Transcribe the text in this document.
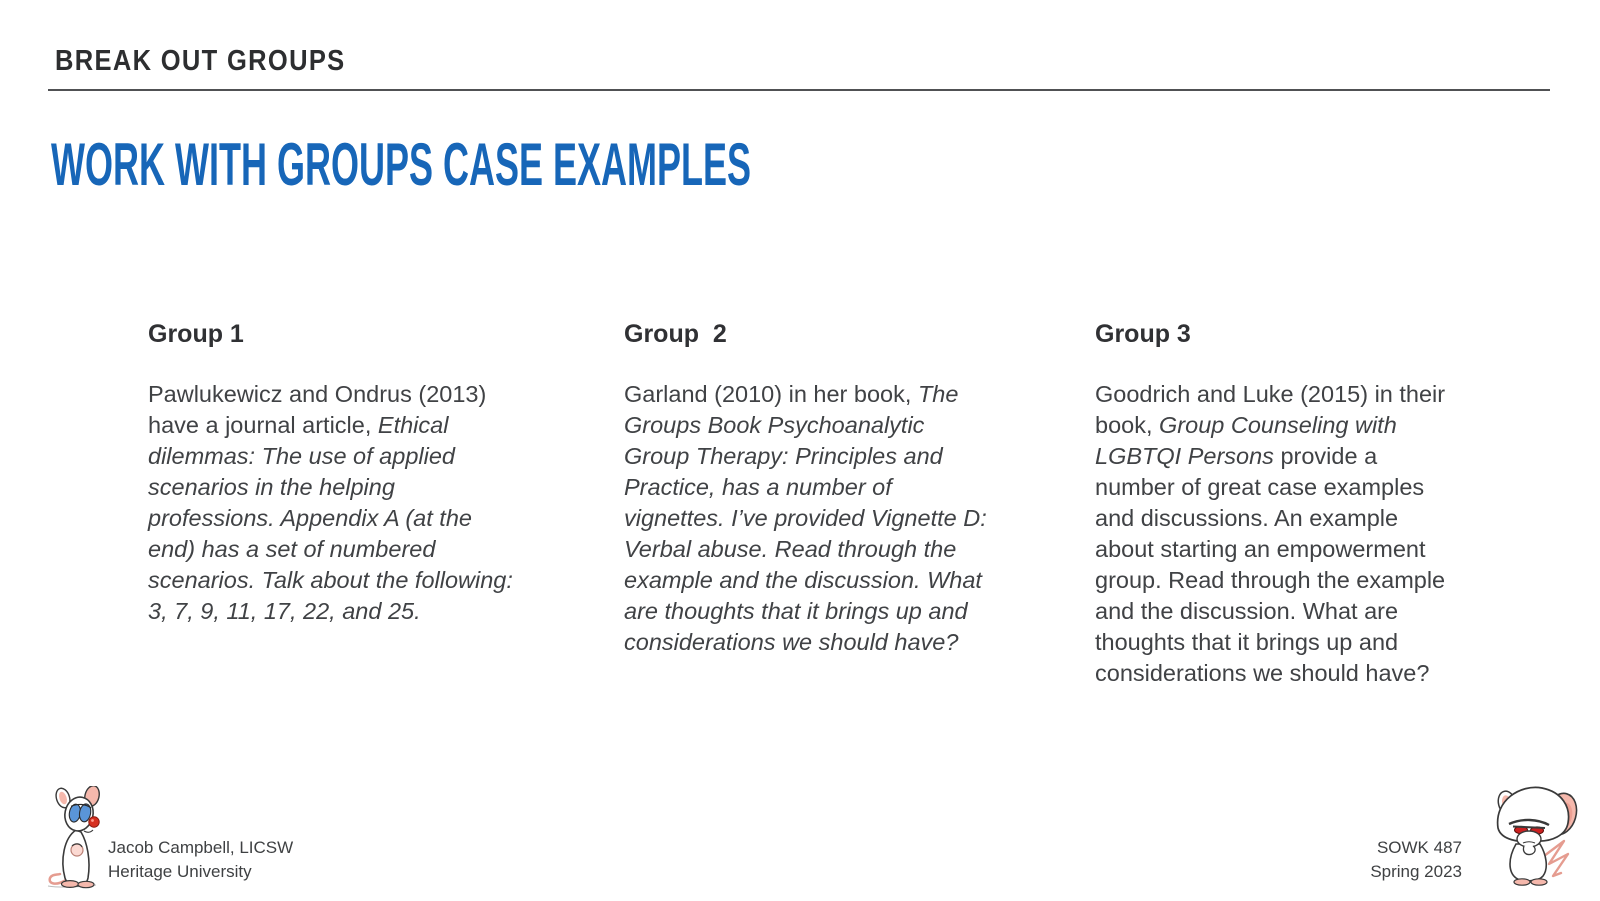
BREAK OUT GROUPS
WORK WITH GROUPS CASE EXAMPLES
Group 1

Pawlukewicz and Ondrus (2013) have a journal article, Ethical dilemmas: The use of applied scenarios in the helping professions. Appendix A (at the end) has a set of numbered scenarios. Talk about the following: 3, 7, 9, 11, 17, 22, and 25.

Group  2

Garland (2010) in her book, The Groups Book Psychoanalytic Group Therapy: Principles and Practice, has a number of vignettes. I’ve provided Vignette D: Verbal abuse. Read through the example and the discussion. What are thoughts that it brings up and considerations we should have?

Group 3

Goodrich and Luke (2015) in their book, Group Counseling with LGBTQI Persons provide a number of great case examples and discussions. An example about starting an empowerment group. Read through the example and the discussion. What are thoughts that it brings up and considerations we should have?

Jacob Campbell, LICSW
Heritage University
SOWK 487
Spring 2023
